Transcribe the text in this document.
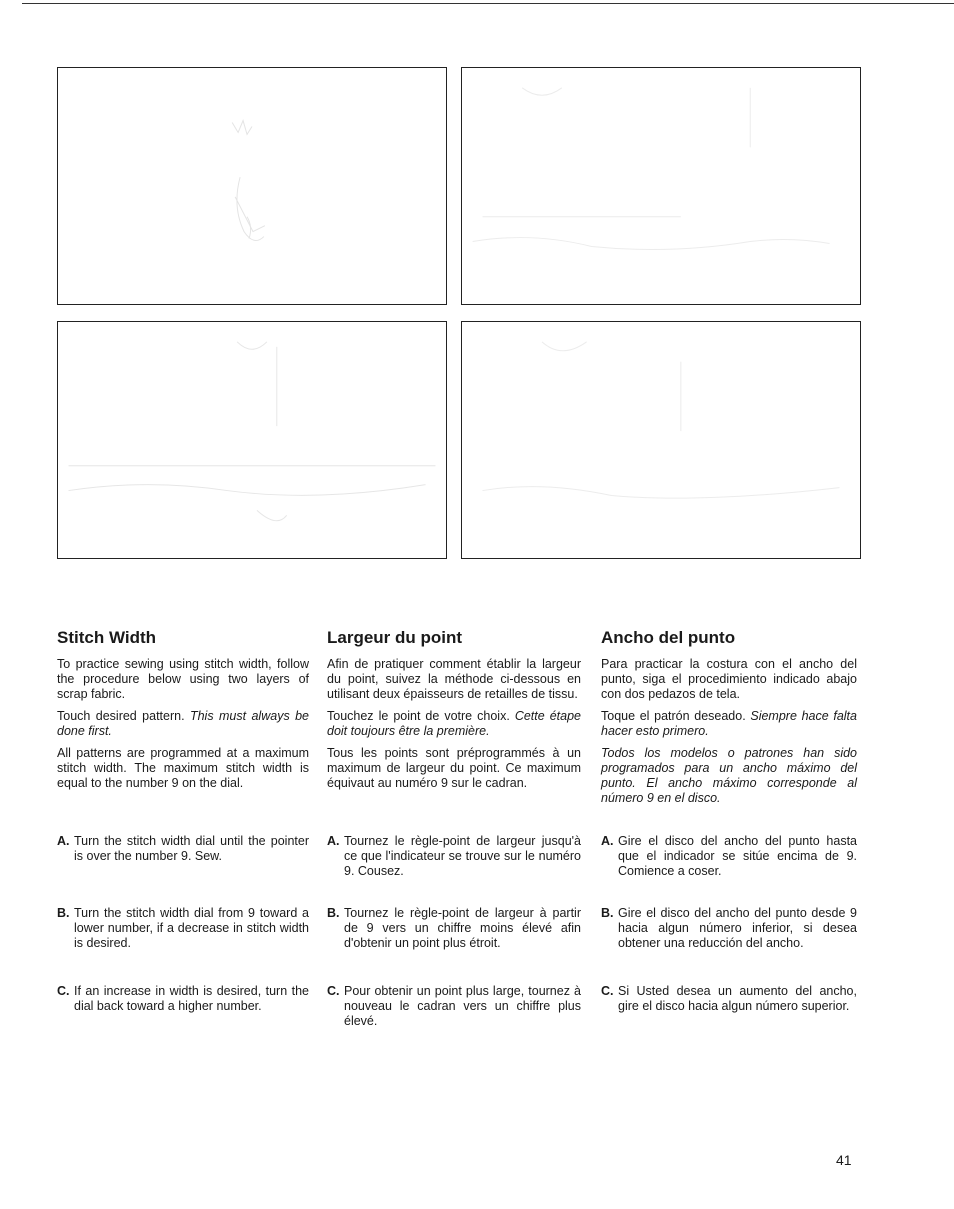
Stitch Width

To practice sewing using stitch width, follow the procedure below using two layers of scrap fabric.

Touch desired pattern. This must always be done first.

All patterns are programmed at a maximum stitch width. The maximum stitch width is equal to the number 9 on the dial.

Largeur du point

Afin de pratiquer comment établir la largeur du point, suivez la méthode ci-dessous en utilisant deux épaisseurs de retailles de tissu.

Touchez le point de votre choix. Cette étape doit toujours être la première.

Tous les points sont préprogrammés à un maximum de largeur du point. Ce maximum équivaut au numéro 9 sur le cadran.

Ancho del punto

Para practicar la costura con el ancho del punto, siga el procedimiento indicado abajo con dos pedazos de tela.

Toque el patrón deseado. Siempre hace falta hacer esto primero.

Todos los modelos o patrones han sido programados para un ancho máximo del punto. El ancho máximo corresponde al número 9 en el disco.

A. Turn the stitch width dial until the pointer is over the number 9. Sew.
A. Tournez le règle-point de largeur jusqu'à ce que l'indicateur se trouve sur le numéro 9. Cousez.
A. Gire el disco del ancho del punto hasta que el indicador se sitúe encima de 9. Comience a coser.
B. Turn the stitch width dial from 9 toward a lower number, if a decrease in stitch width is desired.
B. Tournez le règle-point de largeur à partir de 9 vers un chiffre moins élevé afin d'obtenir un point plus étroit.
B. Gire el disco del ancho del punto desde 9 hacia algun número inferior, si desea obtener una reducción del ancho.
C. If an increase in width is desired, turn the dial back toward a higher number.
C. Pour obtenir un point plus large, tournez à nouveau le cadran vers un chiffre plus élevé.
C. Si Usted desea un aumento del ancho, gire el disco hacia algun número superior.
41
